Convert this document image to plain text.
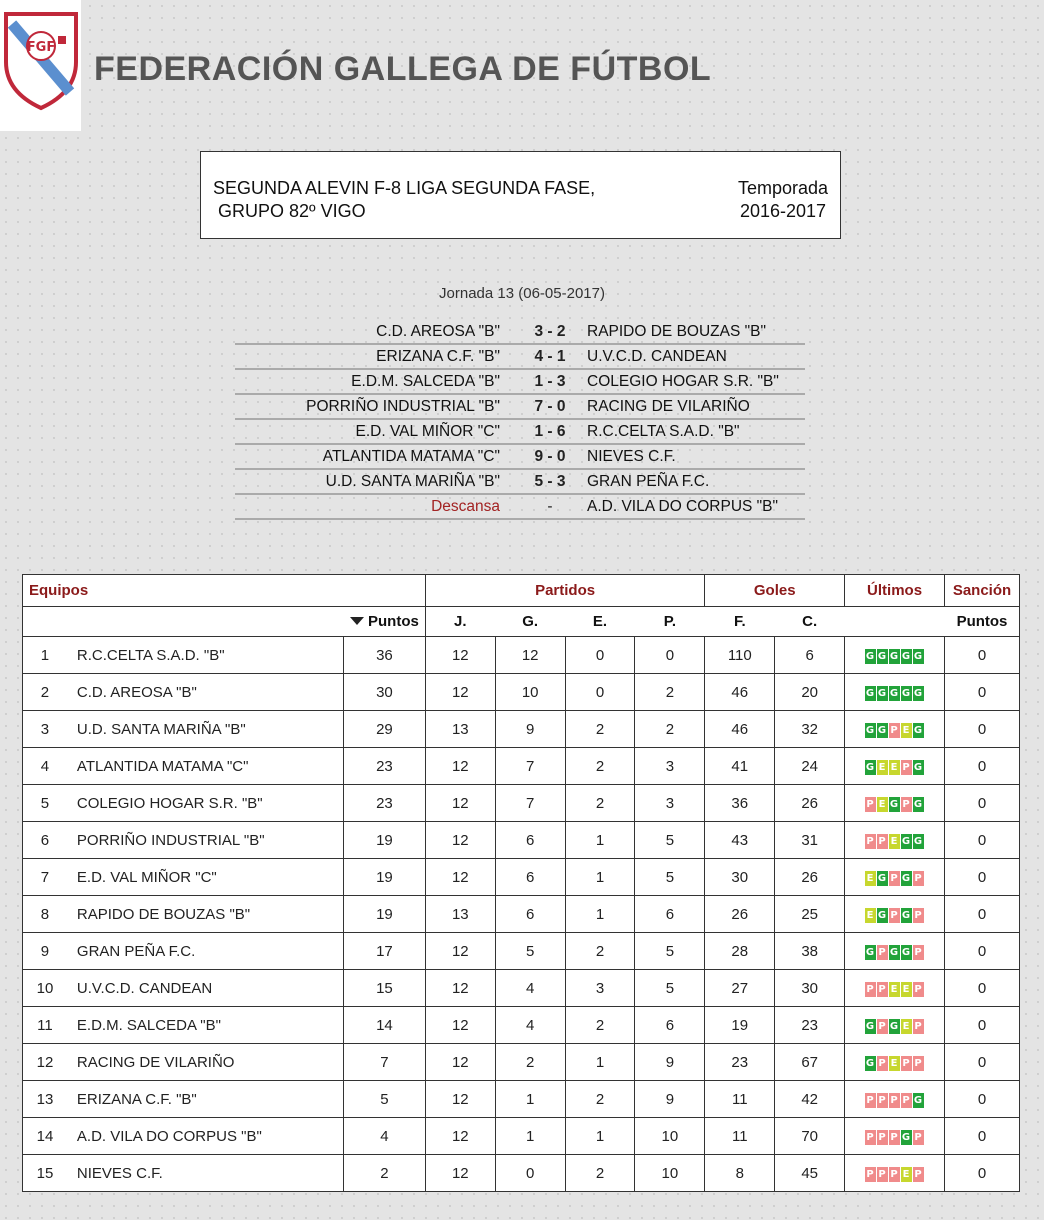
FGF
FEDERACIÓN GALLEGA DE FÚTBOL
SEGUNDA ALEVIN F-8 LIGA SEGUNDA FASE,
GRUPO 82º VIGO
Temporada
2016-2017
Jornada 13 (06-05-2017)
C.D. AREOSA "B"	3 - 2	RAPIDO DE BOUZAS "B"
ERIZANA C.F. "B"	4 - 1	U.V.C.D. CANDEAN
E.D.M. SALCEDA "B"	1 - 3	COLEGIO HOGAR S.R. "B"
PORRIÑO INDUSTRIAL "B"	7 - 0	RACING DE VILARIÑO
E.D. VAL MIÑOR "C"	1 - 6	R.C.CELTA S.A.D. "B"
ATLANTIDA MATAMA "C"	9 - 0	NIEVES C.F.
U.D. SANTA MARIÑA "B"	5 - 3	GRAN PEÑA F.C.
Descansa	-	A.D. VILA DO CORPUS "B"
Equipos			Partidos				Goles		Últimos	Sanción
Puntos			J.	G.	E.	P.	F.	C.		Puntos
1	R.C.CELTA S.A.D. "B"	36	12	12	0	0	110	6	G G G G G	0
2	C.D. AREOSA "B"	30	12	10	0	2	46	20	G G G G G	0
3	U.D. SANTA MARIÑA "B"	29	13	9	2	2	46	32	G G P E G	0
4	ATLANTIDA MATAMA "C"	23	12	7	2	3	41	24	G E E P G	0
5	COLEGIO HOGAR S.R. "B"	23	12	7	2	3	36	26	P E G P G	0
6	PORRIÑO INDUSTRIAL "B"	19	12	6	1	5	43	31	P P E G G	0
7	E.D. VAL MIÑOR "C"	19	12	6	1	5	30	26	E G P G P	0
8	RAPIDO DE BOUZAS "B"	19	13	6	1	6	26	25	E G P G P	0
9	GRAN PEÑA F.C.	17	12	5	2	5	28	38	G P G G P	0
10	U.V.C.D. CANDEAN	15	12	4	3	5	27	30	P P E E P	0
11	E.D.M. SALCEDA "B"	14	12	4	2	6	19	23	G P G E P	0
12	RACING DE VILARIÑO	7	12	2	1	9	23	67	G P E P P	0
13	ERIZANA C.F. "B"	5	12	1	2	9	11	42	P P P P G	0
14	A.D. VILA DO CORPUS "B"	4	12	1	1	10	11	70	P P P G P	0
15	NIEVES C.F.	2	12	0	2	10	8	45	P P P E P	0
